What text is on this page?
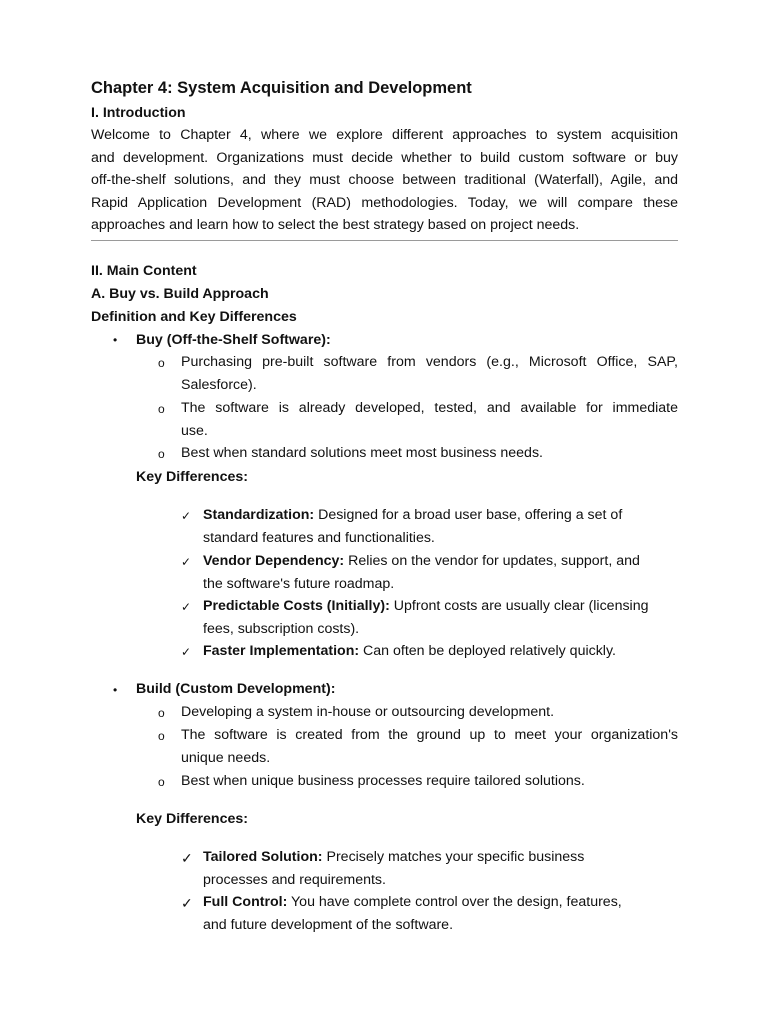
Chapter 4: System Acquisition and Development
I. Introduction
Welcome to Chapter 4, where we explore different approaches to system acquisition
and development. Organizations must decide whether to build custom software or buy
off-the-shelf solutions, and they must choose between traditional (Waterfall), Agile, and
Rapid Application Development (RAD) methodologies. Today, we will compare these
approaches and learn how to select the best strategy based on project needs.
II. Main Content
A. Buy vs. Build Approach
Definition and Key Differences
• Buy (Off-the-Shelf Software):
o Purchasing pre-built software from vendors (e.g., Microsoft Office, SAP,
Salesforce).
o The software is already developed, tested, and available for immediate
use.
o Best when standard solutions meet most business needs.
Key Differences:
✓ Standardization: Designed for a broad user base, offering a set of
standard features and functionalities.
✓ Vendor Dependency: Relies on the vendor for updates, support, and
the software's future roadmap.
✓ Predictable Costs (Initially): Upfront costs are usually clear (licensing
fees, subscription costs).
✓ Faster Implementation: Can often be deployed relatively quickly.
• Build (Custom Development):
o Developing a system in-house or outsourcing development.
o The software is created from the ground up to meet your organization's
unique needs.
o Best when unique business processes require tailored solutions.
Key Differences:
✓ Tailored Solution: Precisely matches your specific business
processes and requirements.
✓ Full Control: You have complete control over the design, features,
and future development of the software.
